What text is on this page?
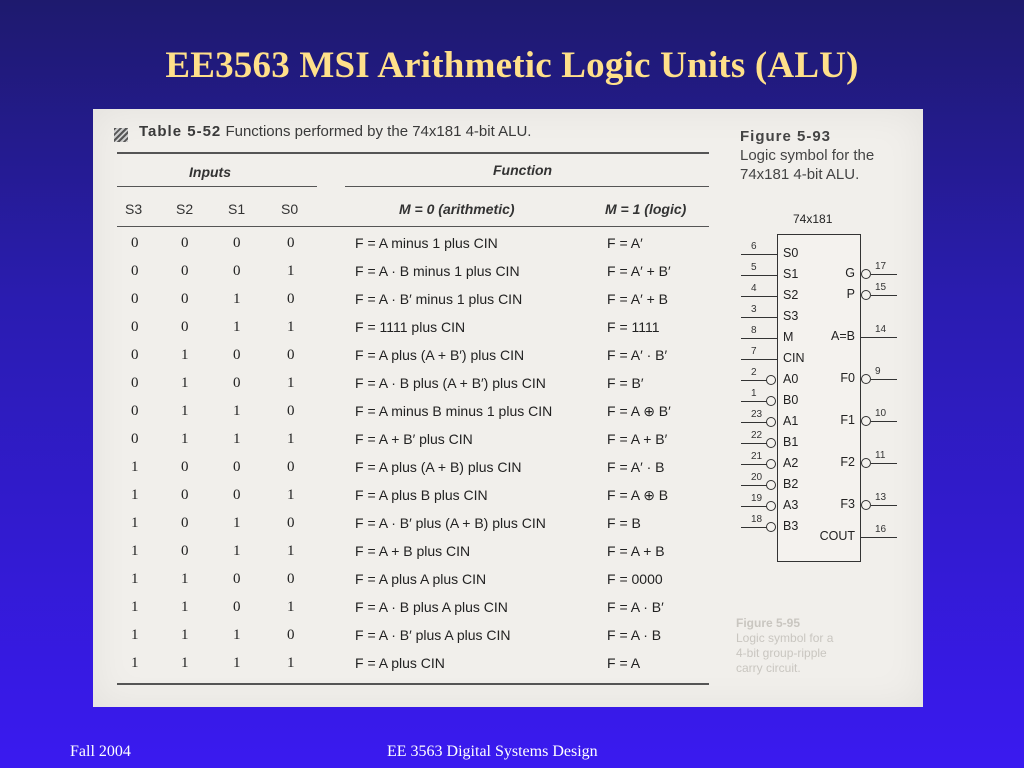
EE3563 MSI Arithmetic Logic Units (ALU)
Table 5-52 Functions performed by the 74x181 4-bit ALU.
Inputs	Function
S3 S2 S1	S0	M = 0 (arithmetic)	M = 1 (logic)
0	0	0	0	F = A minus 1 plus CIN	F = A′
0	0	0	1	F = A · B minus 1 plus CIN	F = A′ + B′
0	0	1	0	F = A · B′ minus 1 plus CIN	F = A′ + B
0	0	1	1	F = 1111 plus CIN	F = 1111
0	1	0	0	F = A plus (A + B′) plus CIN	F = A′ · B′
0	1	0	1	F = A · B plus (A + B′) plus CIN	F = B′
0	1	1	0	F = A minus B minus 1 plus CIN	F = A ⊕ B′
0	1	1	1	F = A + B′ plus CIN	F = A + B′
1	0	0	0	F = A plus (A + B) plus CIN	F = A′ · B
1	0	0	1	F = A plus B plus CIN	F = A ⊕ B
1	0	1	0	F = A · B′ plus (A + B) plus CIN	F = B
1	0	1	1	F = A + B plus CIN	F = A + B
1	1	0	0	F = A plus A plus CIN	F = 0000
1	1	0	1	F = A · B plus A plus CIN	F = A · B′
1	1	1	0	F = A · B′ plus A plus CIN	F = A · B
1	1	1	1	F = A plus CIN	F = A
Figure 5-93
Logic symbol for the
74x181 4-bit ALU.
74x181
6 S0
5 S1
4 S2
3 S3
8 M
7 CIN
2 A0
1 B0
23 A1
22 B1
21 A2
20 B2
19 A3
18 B3
17
G
15
P
14
A=B
9
F0
10
F1
11
F2
13
F3
16
COUT
Figure 5-95
Logic symbol for a
4-bit group-ripple
carry circuit.
Fall 2004	EE 3563 Digital Systems Design
